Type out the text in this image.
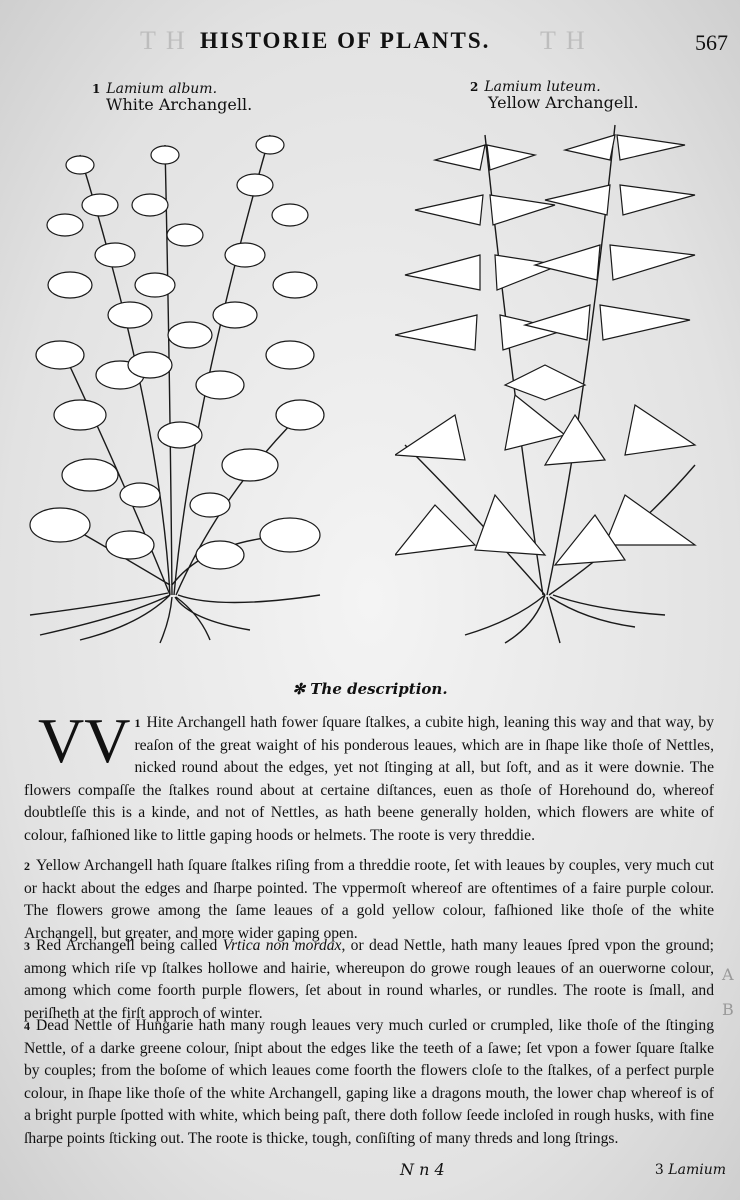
T H	T H
A
B
HISTORIE OF PLANTS.	567
1 Lamium album.
White Archangell.
2 Lamium luteum.
Yellow Archangell.
✻ The description.

1
VV Hite Archangell hath fower ſquare ſtalkes, a cubite high, leaning this way and that way, by reaſon of the great waight of his ponderous leaues, which are in ſhape like thoſe of Nettles, nicked round about the edges, yet not ſtinging at all, but ſoft, and as it were downie. The flowers compaſſe the ſtalkes round about at certaine diſtances, euen as thoſe of Horehound do, whereof doubtleſſe this is a kinde, and not of Nettles, as hath beene generally holden, which flowers are white of colour, faſhioned like to little gaping hoods or helmets. The roote is very threddie.

2 Yellow Archangell hath ſquare ſtalkes riſing from a threddie roote, ſet with leaues by couples, very much cut or hackt about the edges and ſharpe pointed. The vppermoſt whereof are oftentimes of a faire purple colour. The flowers growe among the ſame leaues of a gold yellow colour, faſhioned like thoſe of the white Archangell, but greater, and more wider gaping open.

3 Red Archangell being called Vrtica non mordax, or dead Nettle, hath many leaues ſpred vpon the ground; among which riſe vp ſtalkes hollowe and hairie, whereupon do growe rough leaues of an ouerworne colour, among which come foorth purple flowers, ſet about in round wharles, or rundles. The roote is ſmall, and periſheth at the firſt approch of winter.

4 Dead Nettle of Hungarie hath many rough leaues very much curled or crumpled, like thoſe of the ſtinging Nettle, of a darke greene colour, ſnipt about the edges like the teeth of a ſawe; ſet vpon a fower ſquare ſtalke by couples; from the boſome of which leaues come foorth the flowers cloſe to the ſtalkes, of a perfect purple colour, in ſhape like thoſe of the white Archangell, gaping like a dragons mouth, the lower chap whereof is of a bright purple ſpotted with white, which being paſt, there doth follow ſeede incloſed in rough husks, with fine ſharpe points ſticking out. The roote is thicke, tough, conſiſting of many threds and long ſtrings.

N n 4	3 Lamium
